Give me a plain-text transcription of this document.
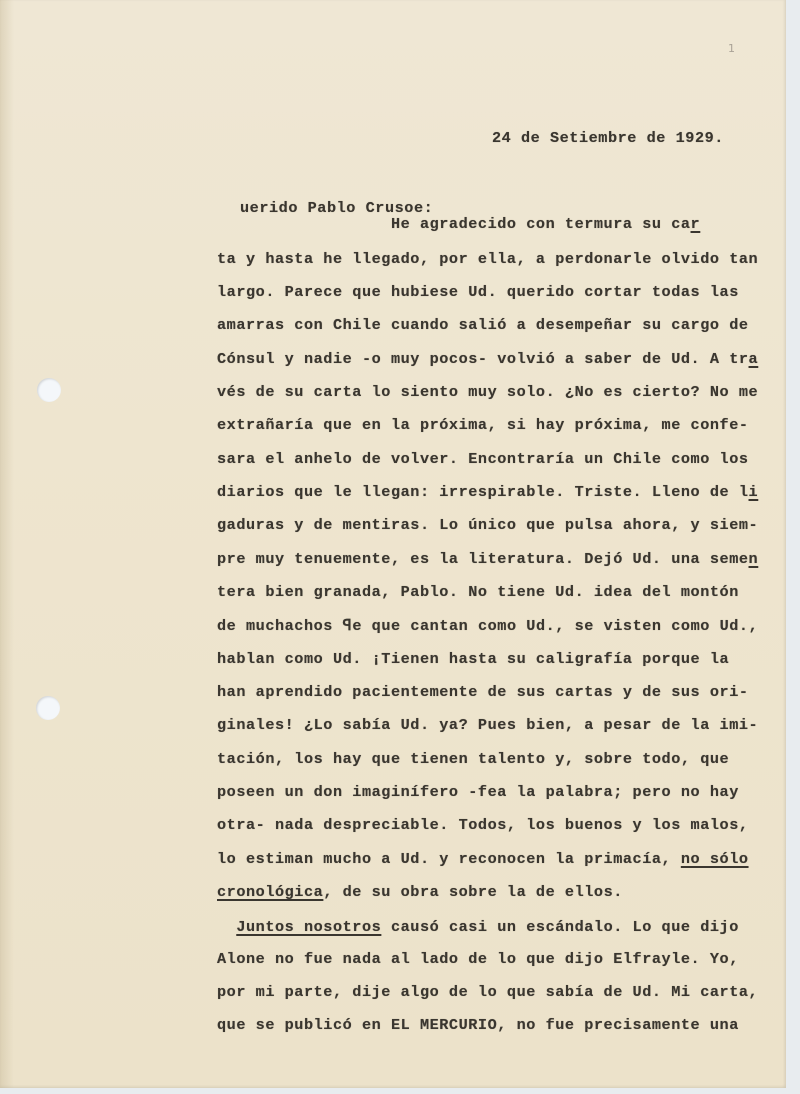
1
24 de Setiembre de 1929.
uerido Pablo Crusoe:
He agradecido con termura su car
ta y hasta he llegado, por ella, a perdonarle olvido tan
largo. Parece que hubiese Ud. querido cortar todas las
amarras con Chile cuando salió a desempeñar su cargo de
Cónsul y nadie -o muy pocos- volvió a saber de Ud. A tra
vés de su carta lo siento muy solo. ¿No es cierto? No me
extrañaría que en la próxima, si hay próxima, me confe-
sara el anhelo de volver. Encontraría un Chile como los
diarios que le llegan: irrespirable. Triste. Lleno de li
gaduras y de mentiras. Lo único que pulsa ahora, y siem-
pre muy tenuemente, es la literatura. Dejó Ud. una semen
tera bien granada, Pablo. No tiene Ud. idea del montón
de muchachos ꟼe que cantan como Ud., se visten como Ud.,
hablan como Ud. ¡Tienen hasta su caligrafía porque la
han aprendido pacientemente de sus cartas y de sus ori-
ginales! ¿Lo sabía Ud. ya? Pues bien, a pesar de la imi-
tación, los hay que tienen talento y, sobre todo, que
poseen un don imaginífero -fea la palabra; pero no hay
otra- nada despreciable. Todos, los buenos y los malos,
lo estiman mucho a Ud. y reconocen la primacía, no sólo
cronológica, de su obra sobre la de ellos.
Juntos nosotros causó casi un escándalo. Lo que dijo
Alone no fue nada al lado de lo que dijo Elfrayle. Yo,
por mi parte, dije algo de lo que sabía de Ud. Mi carta,
que se publicó en EL MERCURIO, no fue precisamente una
